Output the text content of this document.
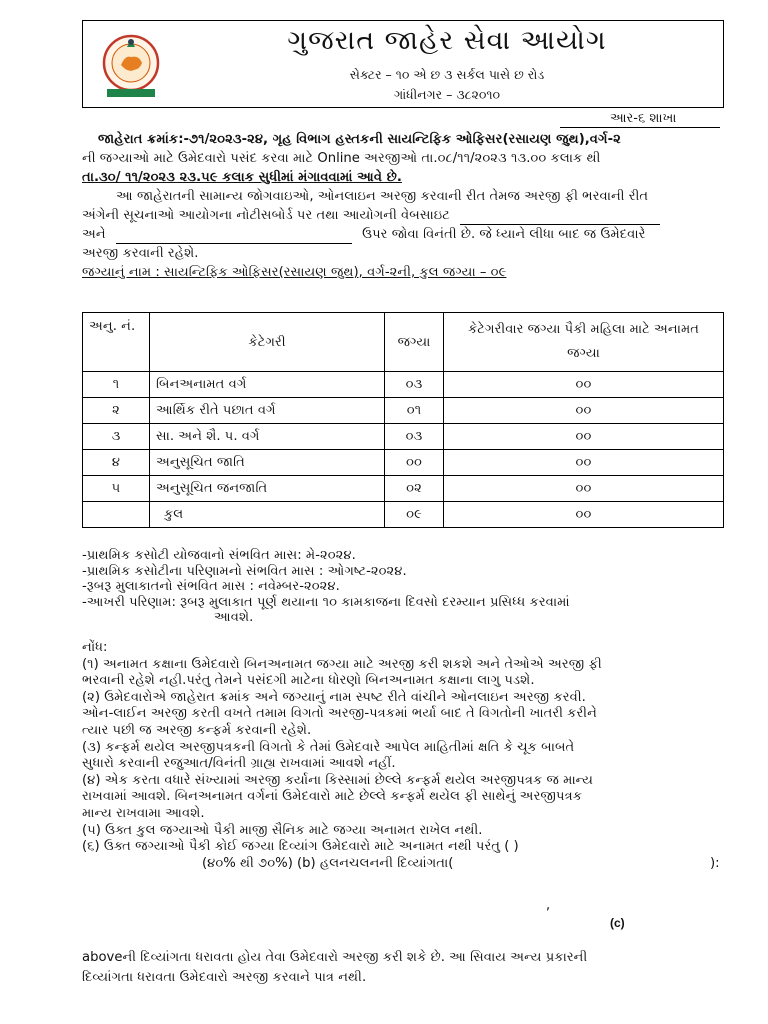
ગુજરાત જાહેર સેવા આયોગ
સેક્ટર – ૧૦ એ છ ૩ સર્કલ પાસે છ રોડ
ગાંધીનગર – ૩૮૨૦૧૦
આર-૬ શાખા
જાહેરાત ક્રમાંક:-૭૧/૨૦૨૩-૨૪, ગૃહ વિભાગ હસ્તકની સાયન્ટિફિક ઓફિસર(રસાયણ જુથ),વર્ગ-૨
ની જગ્યાઓ માટે ઉમેદવારો પસંદ કરવા માટે Online અરજીઓ તા.૦૮/૧૧/૨૦૨૩ ૧૩.૦૦ કલાક થી
તા.૩૦/ ૧૧/૨૦૨૩ ૨૩.૫૯ કલાક સુધીમાં મંગાવવામાં આવે છે.
આ જાહેરાતની સામાન્ય જોગવાઇઓ, ઓનલાઇન અરજી કરવાની રીત તેમજ અરજી ફી ભરવાની રીત
અંગેની સૂચનાઓ આયોગના નોટીસબોર્ડ પર તથા આયોગની વેબસાઇટ
અને	ઉપર જોવા વિનંતી છે. જે ધ્યાને લીધા બાદ જ ઉમેદવારે
અરજી કરવાની રહેશે.
જગ્યાનું નામ : સાયન્ટિફિક ઓફિસર(રસાયણ જુથ), વર્ગ-૨ની, કુલ જગ્યા – ૦૯
અનુ. નં.	કેટેગરી	જગ્યા	કેટેગરીવાર જગ્યા પૈકી મહિલા માટે અનામત જગ્યા
૧	બિનઅનામત વર્ગ	૦૩	૦૦
૨	આર્થિક રીતે પછાત વર્ગ	૦૧	૦૦
૩	સા. અને શૈ. પ. વર્ગ	૦૩	૦૦
૪	અનુસૂચિત જાતિ	૦૦	૦૦
૫	અનુસૂચિત જનજાતિ	૦૨	૦૦
	કુલ	૦૯	૦૦
-પ્રાથમિક કસોટી યોજવાનો સંભવિત માસ: મે-૨૦૨૪.
-પ્રાથમિક કસોટીના પરિણામનો સંભવિત માસ : ઓગષ્ટ-૨૦૨૪.
-રૂબરૂ મુલાકાતનો સંભવિત માસ : નવેમ્બર-૨૦૨૪.
-આખરી પરિણામ: રૂબરૂ મુલાકાત પૂર્ણ થયાના ૧૦ કામકાજના દિવસો દરમ્યાન પ્રસિધ્ધ કરવામાં
આવશે.
નોંધ:
(૧) અનામત કક્ષાના ઉમેદવારો બિનઅનામત જગ્યા માટે અરજી કરી શકશે અને તેઓએ અરજી ફી
ભરવાની રહેશે નહી.પરંતુ તેમને પસંદગી માટેના ધોરણો બિનઅનામત કક્ષાના લાગુ પડશે.
(૨) ઉમેદવારોએ જાહેરાત ક્રમાંક અને જગ્યાનું નામ સ્પષ્ટ રીતે વાંચીને ઓનલાઇન અરજી કરવી.
ઓન-લાઈન અરજી કરતી વખતે તમામ વિગતો અરજી-પત્રકમાં ભર્યા બાદ તે વિગતોની ખાતરી કરીને
ત્યાર પછી જ અરજી કન્ફર્મ કરવાની રહેશે.
(૩) કન્ફર્મ થયેલ અરજીપત્રકની વિગતો કે તેમાં ઉમેદવારે આપેલ માહિતીમાં ક્ષતિ કે ચૂક બાબતે
સુધારો કરવાની રજુઆત/વિનંતી ગ્રાહ્ય રાખવામાં આવશે નહીં.
(૪) એક કરતા વધારે સંખ્યામાં અરજી કર્યાના કિસ્સામાં છેલ્લે કન્ફર્મ થયેલ અરજીપત્રક જ માન્ય
રાખવામાં આવશે. બિનઅનામત વર્ગનાં ઉમેદવારો માટે છેલ્લે કન્ફર્મ થયેલ ફી સાથેનું અરજીપત્રક
માન્ય રાખવામા આવશે.
(૫) ઉક્ત કુલ જગ્યાઓ પૈકી માજી સૈનિક માટે જગ્યા અનામત રાખેલ નથી.
(૬) ઉક્ત જગ્યાઓ પૈકી કોઈ જગ્યા દિવ્યાંગ ઉમેદવારો માટે અનામત નથી પરંતુ ( )
(૪૦% થી ૭૦%) (b) હલનચલનની દિવ્યાંગતા(	):
,
(c)
aboveની દિવ્યાંગતા ધરાવતા હોય તેવા ઉમેદવારો અરજી કરી શકે છે. આ સિવાય અન્ય પ્રકારની
દિવ્યાંગતા ધરાવતા ઉમેદવારો અરજી કરવાને પાત્ર નથી.
